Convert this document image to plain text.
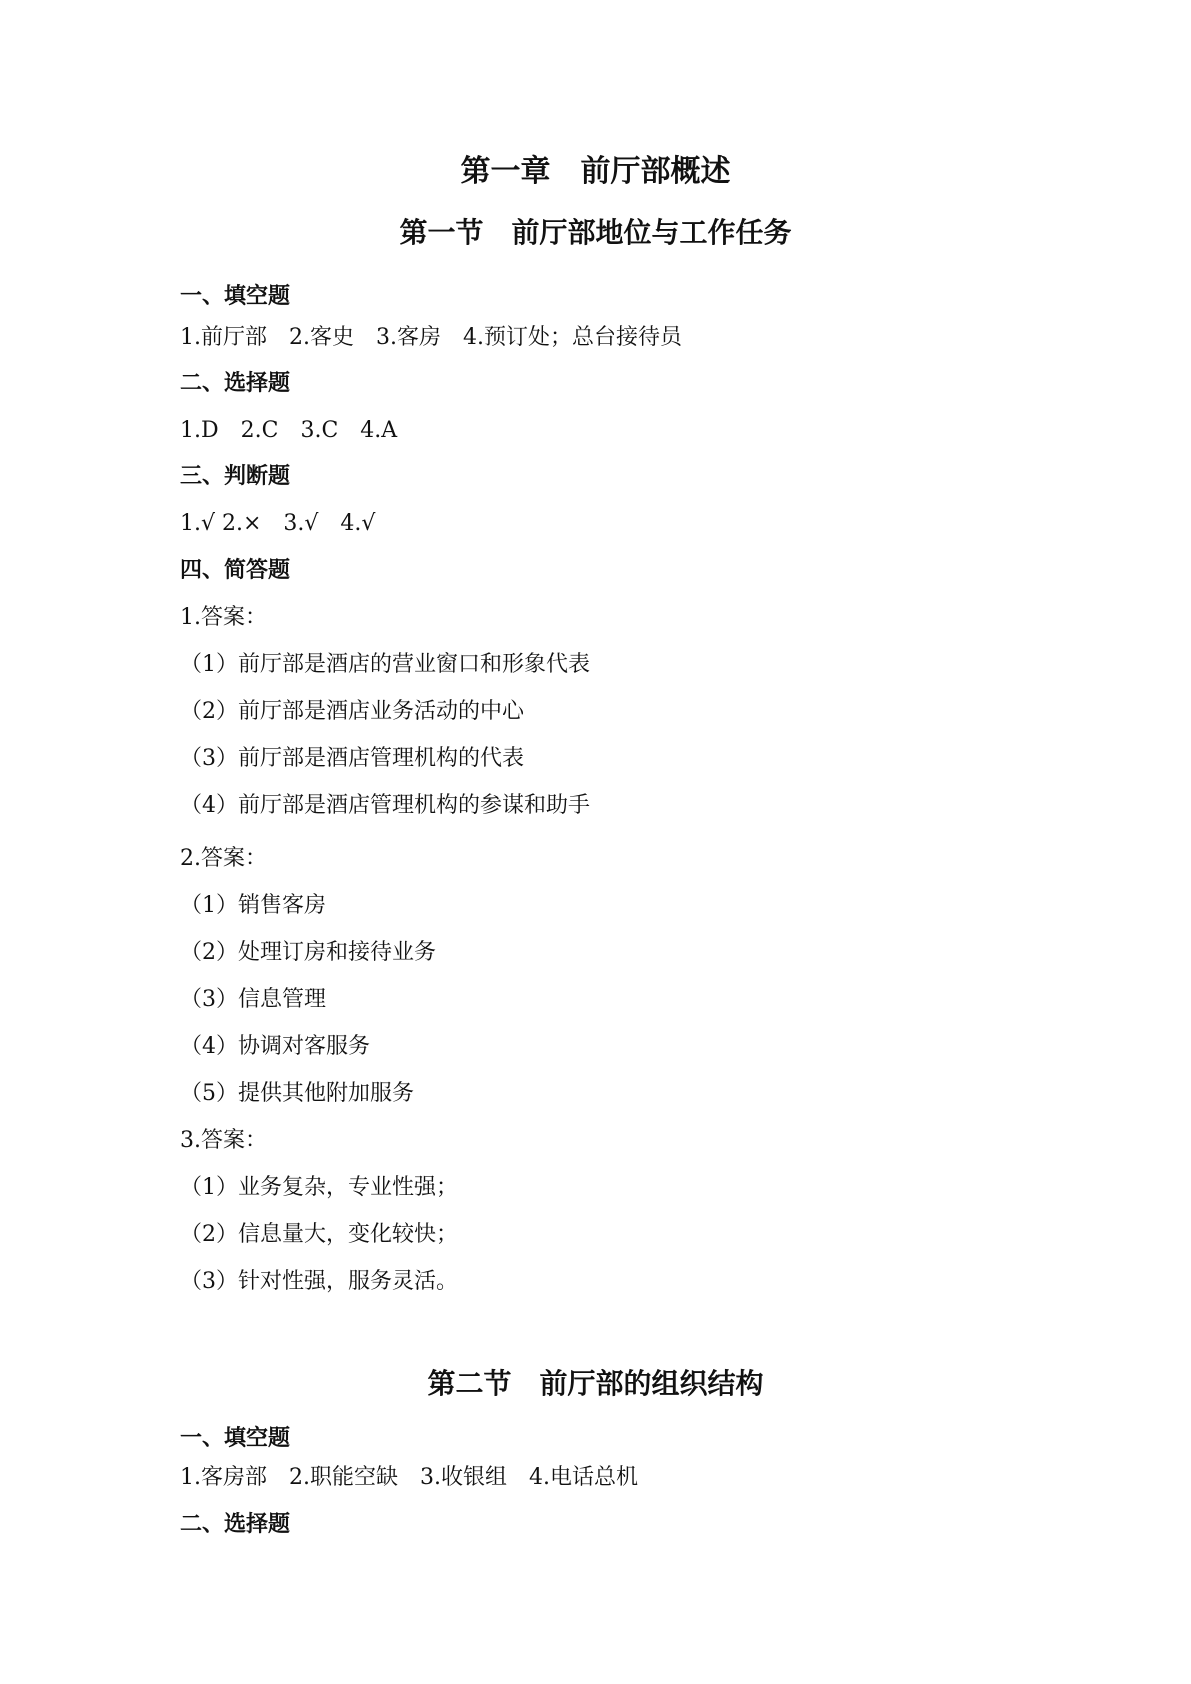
第一章　前厅部概述
第一节　前厅部地位与工作任务
一、填空题
1.前厅部　2.客史　3.客房　4.预订处；总台接待员
二、选择题
1.D　2.C　3.C　4.A
三、判断题
1.√ 2.×　3.√　4.√
四、简答题
1.答案：
（1）前厅部是酒店的营业窗口和形象代表
（2）前厅部是酒店业务活动的中心
（3）前厅部是酒店管理机构的代表
（4）前厅部是酒店管理机构的参谋和助手
2.答案：
（1）销售客房
（2）处理订房和接待业务
（3）信息管理
（4）协调对客服务
（5）提供其他附加服务
3.答案：
（1）业务复杂，专业性强；
（2）信息量大，变化较快；
（3）针对性强，服务灵活。
第二节　前厅部的组织结构
一、填空题
1.客房部　2.职能空缺　3.收银组　4.电话总机
二、选择题
